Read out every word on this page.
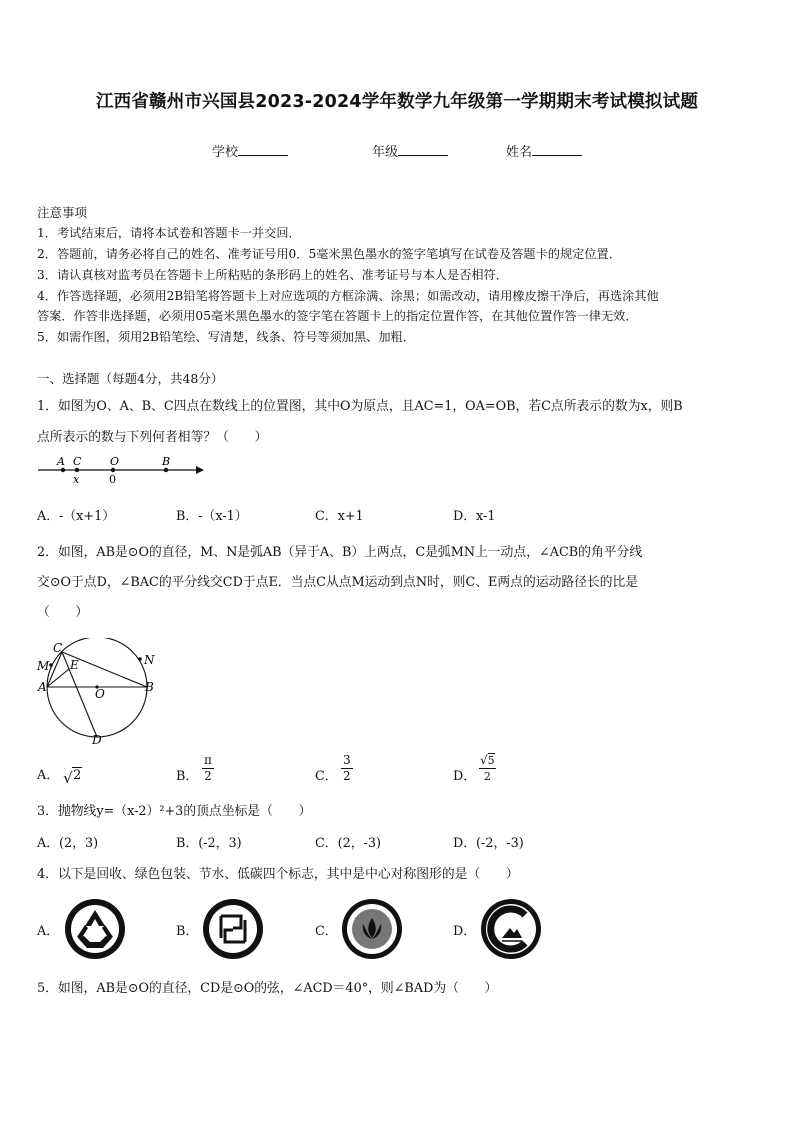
江西省赣州市兴国县2023-2024学年数学九年级第一学期期末考试模拟试题
学校	年级	姓名
注意事项
1．考试结束后，请将本试卷和答题卡一并交回．
2．答题前，请务必将自己的姓名、准考证号用0．5毫米黑色墨水的签字笔填写在试卷及答题卡的规定位置．
3．请认真核对监考员在答题卡上所粘贴的条形码上的姓名、准考证号与本人是否相符．
4．作答选择题，必须用2B铅笔将答题卡上对应选项的方框涂满、涂黑；如需改动，请用橡皮擦干净后，再选涂其他
答案．作答非选择题，必须用05毫米黑色墨水的签字笔在答题卡上的指定位置作答，在其他位置作答一律无效．
5．如需作图，须用2B铅笔绘、写清楚，线条、符号等须加黑、加粗．
一、选择题（每题4分，共48分）
1．如图为O、A、B、C四点在数线上的位置图，其中O为原点，且AC=1，OA=OB，若C点所表示的数为x，则B
点所表示的数与下列何者相等？（　　）
A C	O	B
x	0
A．-（x+1）	B．-（x-1）	C．x+1	D．x-1
2．如图，AB是⊙O的直径，M、N是弧AB（异于A、B）上两点，C是弧MN上一动点，∠ACB的角平分线
交⊙O于点D，∠BAC的平分线交CD于点E．当点C从点M运动到点N时，则C、E两点的运动路径长的比是
（　　）
C
M E	N
A	O	B
D
A． √ 2	B． $\frac{\pi}{2}$	C． $\frac{3}{2}$	D．
√5
2
3．抛物线y=（x-2）²+3的顶点坐标是（　　）
A．(2，3)	B．(-2，3)	C．(2，-3)	D．(-2，-3)
4．以下是回收、绿色包装、节水、低碳四个标志，其中是中心对称图形的是（　　）
A．	B．	C．	D．
5．如图，AB是⊙O的直径，CD是⊙O的弦，∠ACD＝40°，则∠BAD为（　　）
